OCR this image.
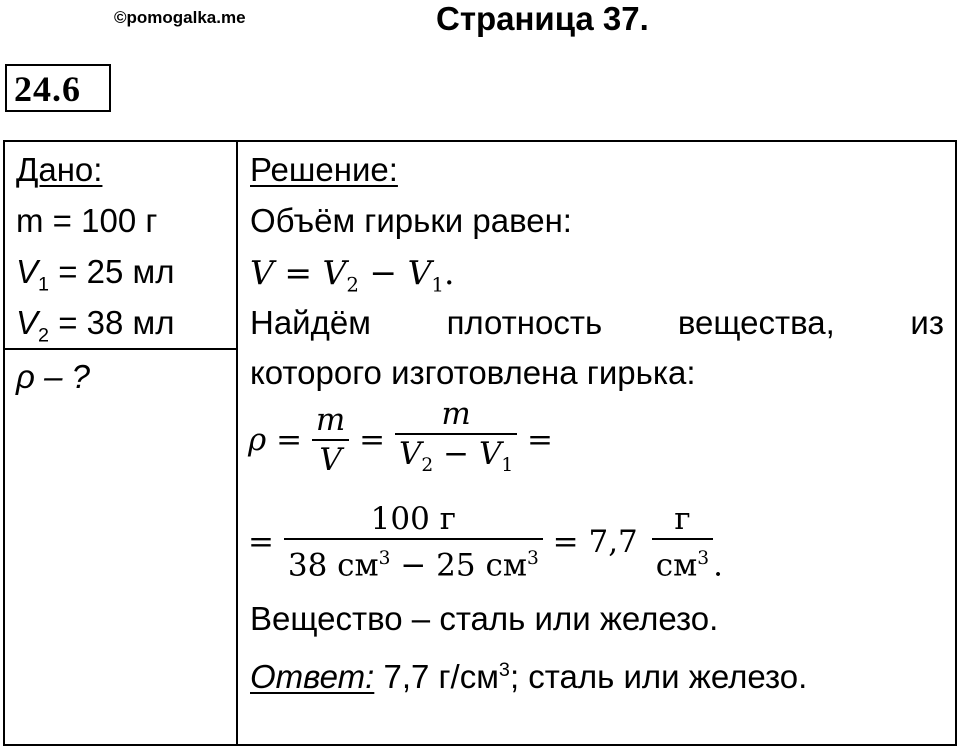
©pomogalka.me	Страница 37.
24.6
Дано:
m = 100 г
$V_1 = 25$ мл
$V_2 = 38$ мл
ρ – ?
Решение:
Объём гирьки равен:
$V = V_2 - V_1$.
Найдём плотность вещества, из
которого изготовлена гирька:
$\rho = \frac{m}{V} = \frac{m}{V_2 - V_1}$ =
= $\frac{100 г}{38 см^3 - 25 см^3} = 7,7 \frac{г}{см^3}$ .
Вещество – сталь или железо.
Ответ: 7,7 $г/см^3$; сталь или железо.
